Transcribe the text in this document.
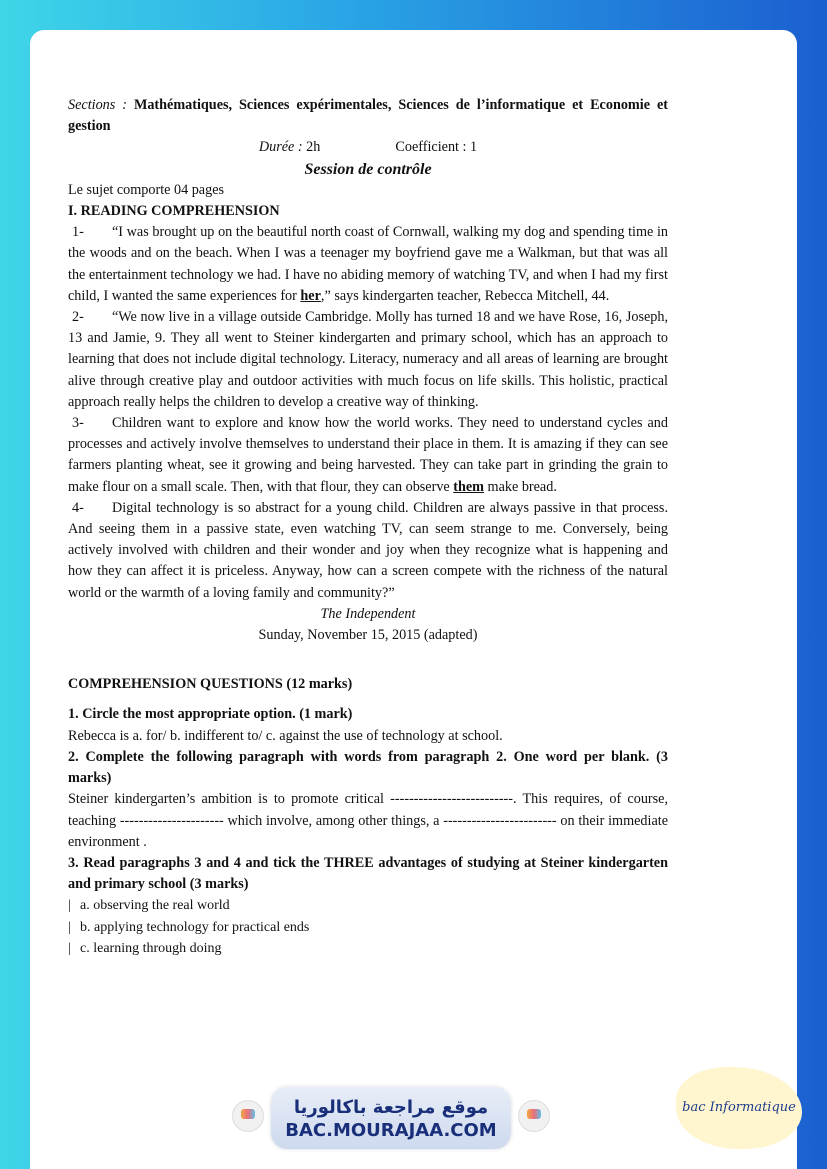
Sections : Mathématiques, Sciences expérimentales, Sciences de l’informatique et Economie et gestion

Durée : 2h	Coefficient : 1

Session de contrôle

Le sujet comporte 04 pages

I. READING COMPREHENSION

1- “I was brought up on the beautiful north coast of Cornwall, walking my dog and spending time in the woods and on the beach. When I was a teenager my boyfriend gave me a Walkman, but that was all the entertainment technology we had. I have no abiding memory of watching TV, and when I had my first child, I wanted the same experiences for her,” says kindergarten teacher, Rebecca Mitchell, 44.

2- “We now live in a village outside Cambridge. Molly has turned 18 and we have Rose, 16, Joseph, 13 and Jamie, 9. They all went to Steiner kindergarten and primary school, which has an approach to learning that does not include digital technology. Literacy, numeracy and all areas of learning are brought alive through creative play and outdoor activities with much focus on life skills. This holistic, practical approach really helps the children to develop a creative way of thinking.

3- Children want to explore and know how the world works. They need to understand cycles and processes and actively involve themselves to understand their place in them. It is amazing if they can see farmers planting wheat, see it growing and being harvested. They can take part in grinding the grain to make flour on a small scale. Then, with that flour, they can observe them make bread.

4- Digital technology is so abstract for a young child. Children are always passive in that process. And seeing them in a passive state, even watching TV, can seem strange to me. Conversely, being actively involved with children and their wonder and joy when they recognize what is happening and how they can affect it is priceless. Anyway, how can a screen compete with the richness of the natural world or the warmth of a loving family and community?”

The Independent

Sunday, November 15, 2015 (adapted)

COMPREHENSION QUESTIONS (12 marks)

1. Circle the most appropriate option. (1 mark)

Rebecca is a. for/ b. indifferent to/ c. against the use of technology at school.

2. Complete the following paragraph with words from paragraph 2. One word per blank. (3 marks)

Steiner kindergarten’s ambition is to promote critical --------------------------. This requires, of course, teaching ---------------------- which involve, among other things, a ------------------------ on their immediate environment .

3. Read paragraphs 3 and 4 and tick the THREE advantages of studying at Steiner kindergarten and primary school (3 marks)

| a. observing the real world

| b. applying technology for practical ends

| c. learning through doing

موقع مراجعة باكالوريا
BAC.MOURAJAA.COM
bac Informatique
